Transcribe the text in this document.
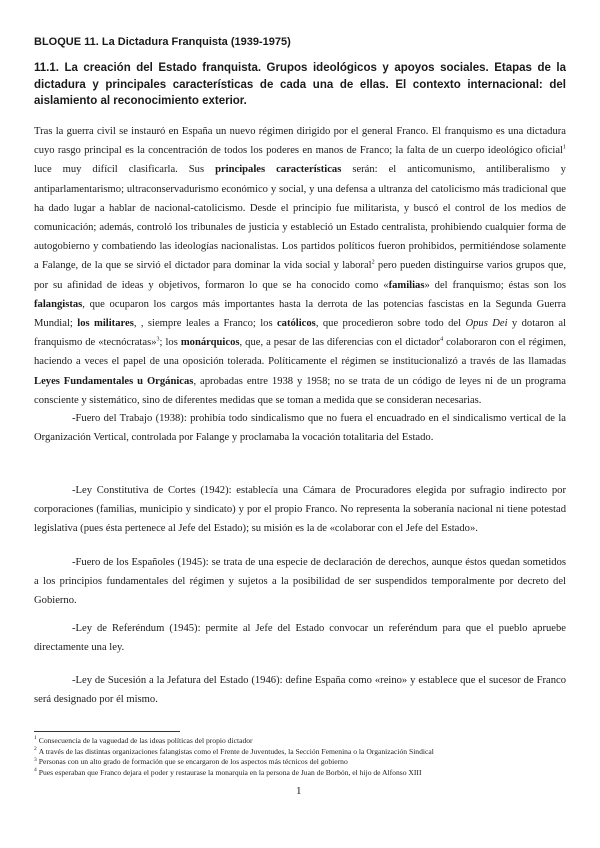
BLOQUE 11. La Dictadura Franquista (1939-1975)
11.1. La creación del Estado franquista. Grupos ideológicos y apoyos sociales. Etapas de la dictadura y principales características de cada una de ellas. El contexto internacional: del aislamiento al reconocimiento exterior.

Tras la guerra civil se instauró en España un nuevo régimen dirigido por el general Franco. El franquismo es una dictadura cuyo rasgo principal es la concentración de todos los poderes en manos de Franco; la falta de un cuerpo ideológico oficial$^1$ luce muy difícil clasificarla. Sus principales características serán: el anticomunismo, antiliberalismo y antiparlamentarismo; ultraconservadurismo económico y social, y una defensa a ultranza del catolicismo más tradicional que ha dado lugar a hablar de nacional-catolicismo. Desde el principio fue militarista, y buscó el control de los medios de comunicación; además, controló los tribunales de justicia y estableció un Estado centralista, prohibiendo cualquier forma de autogobierno y combatiendo las ideologías nacionalistas. Los partidos políticos fueron prohibidos, permitiéndose solamente a Falange, de la que se sirvió el dictador para dominar la vida social y laboral$^2$ pero pueden distinguirse varios grupos que, por su afinidad de ideas y objetivos, formaron lo que se ha conocido como «familias» del franquismo; éstas son los falangistas, que ocuparon los cargos más importantes hasta la derrota de las potencias fascistas en la Segunda Guerra Mundial; los militares, , siempre leales a Franco; los católicos, que procedieron sobre todo del Opus Dei y dotaron al franquismo de «tecnócratas»$^3$; los monárquicos, que, a pesar de las diferencias con el dictador$^4$ colaboraron con el régimen, haciendo a veces el papel de una oposición tolerada. Políticamente el régimen se institucionalizó a través de las llamadas Leyes Fundamentales u Orgánicas, aprobadas entre 1938 y 1958; no se trata de un código de leyes ni de un programa consciente y sistemático, sino de diferentes medidas que se toman a medida que se consideran necesarias.

-Fuero del Trabajo (1938): prohibía todo sindicalismo que no fuera el encuadrado en el sindicalismo vertical de la Organización Vertical, controlada por Falange y proclamaba la vocación totalitaria del Estado.

-Ley Constitutiva de Cortes (1942): establecía una Cámara de Procuradores elegida por sufragio indirecto por corporaciones (familias, municipio y sindicato) y por el propio Franco. No representa la soberanía nacional ni tiene potestad legislativa (pues ésta pertenece al Jefe del Estado); su misión es la de «colaborar con el Jefe del Estado».

-Fuero de los Españoles (1945): se trata de una especie de declaración de derechos, aunque éstos quedan sometidos a los principios fundamentales del régimen y sujetos a la posibilidad de ser suspendidos temporalmente por decreto del Gobierno.

-Ley de Referéndum (1945): permite al Jefe del Estado convocar un referéndum para que el pueblo apruebe directamente una ley.

-Ley de Sucesión a la Jefatura del Estado (1946): define España como «reino» y establece que el sucesor de Franco será designado por él mismo.

$^1$ Consecuencia de la vaguedad de las ideas políticas del propio dictador
$^2$ A través de las distintas organizaciones falangistas como el Frente de Juventudes, la Sección Femenina o la Organización Sindical
$^3$ Personas con un alto grado de formación que se encargaron de los aspectos más técnicos del gobierno
$^4$ Pues esperaban que Franco dejara el poder y restaurase la monarquía en la persona de Juan de Borbón, el hijo de Alfonso XIII
1
